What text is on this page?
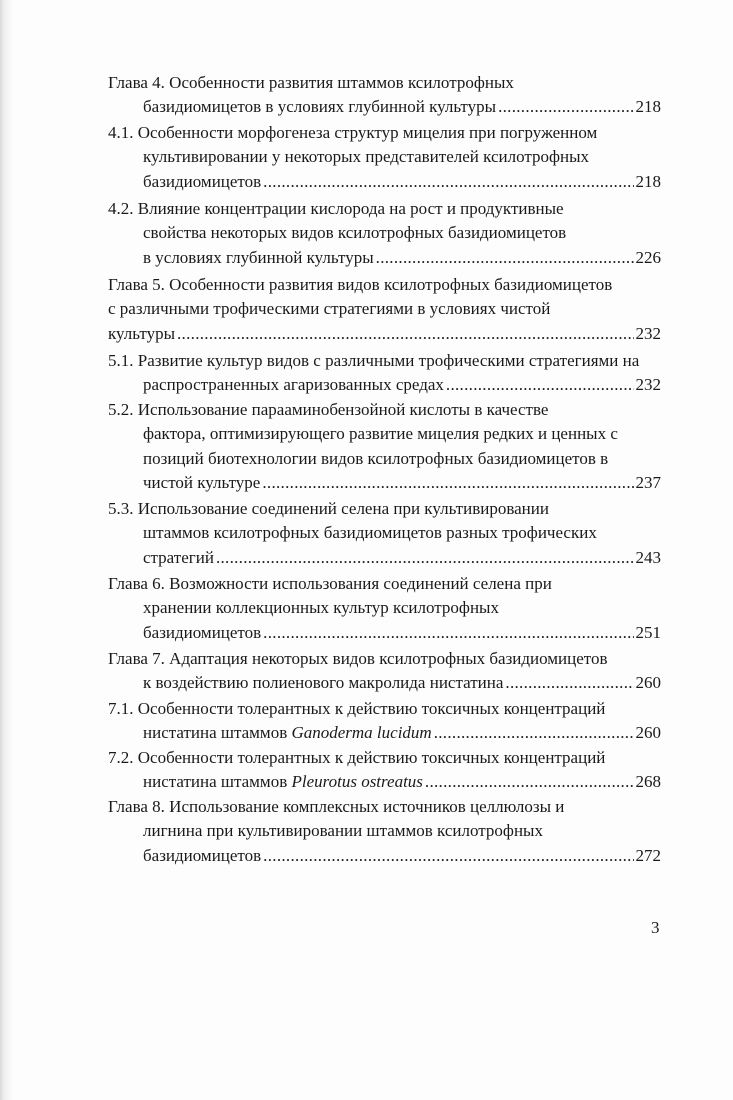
Глава 4. Особенности развития штаммов ксилотрофных
базидиомицетов в условиях глубинной культуры .....	218
4.1. Особенности морфогенеза структур мицелия при погруженном
культивировании у некоторых представителей ксилотрофных
базидиомицетов .....	218
4.2. Влияние концентрации кислорода на рост и продуктивные
свойства некоторых видов ксилотрофных базидиомицетов
в условиях глубинной культуры .....	226
Глава 5. Особенности развития видов ксилотрофных базидиомицетов
с различными трофическими стратегиями в условиях чистой
культуры .....	232
5.1. Развитие культур видов с различными трофическими стратегиями на
распространенных агаризованных средах .....	232
5.2. Использование парааминобензойной кислоты в качестве
фактора, оптимизирующего развитие мицелия редких и ценных с
позиций биотехнологии видов ксилотрофных базидиомицетов в
чистой культуре .....	237
5.3. Использование соединений селена при культивировании
штаммов ксилотрофных базидиомицетов разных трофических
стратегий .....	243
Глава 6. Возможности использования соединений селена при
хранении коллекционных культур ксилотрофных
базидиомицетов .....	251
Глава 7. Адаптация некоторых видов ксилотрофных базидиомицетов
к воздействию полиенового макролида нистатина .....	260
7.1. Особенности толерантных к действию токсичных концентраций
нистатина штаммов Ganoderma lucidum .....	260
7.2. Особенности толерантных к действию токсичных концентраций
нистатина штаммов Pleurotus ostreatus .....	268
Глава 8. Использование комплексных источников целлюлозы и
лигнина при культивировании штаммов ксилотрофных
базидиомицетов .....	272
3
